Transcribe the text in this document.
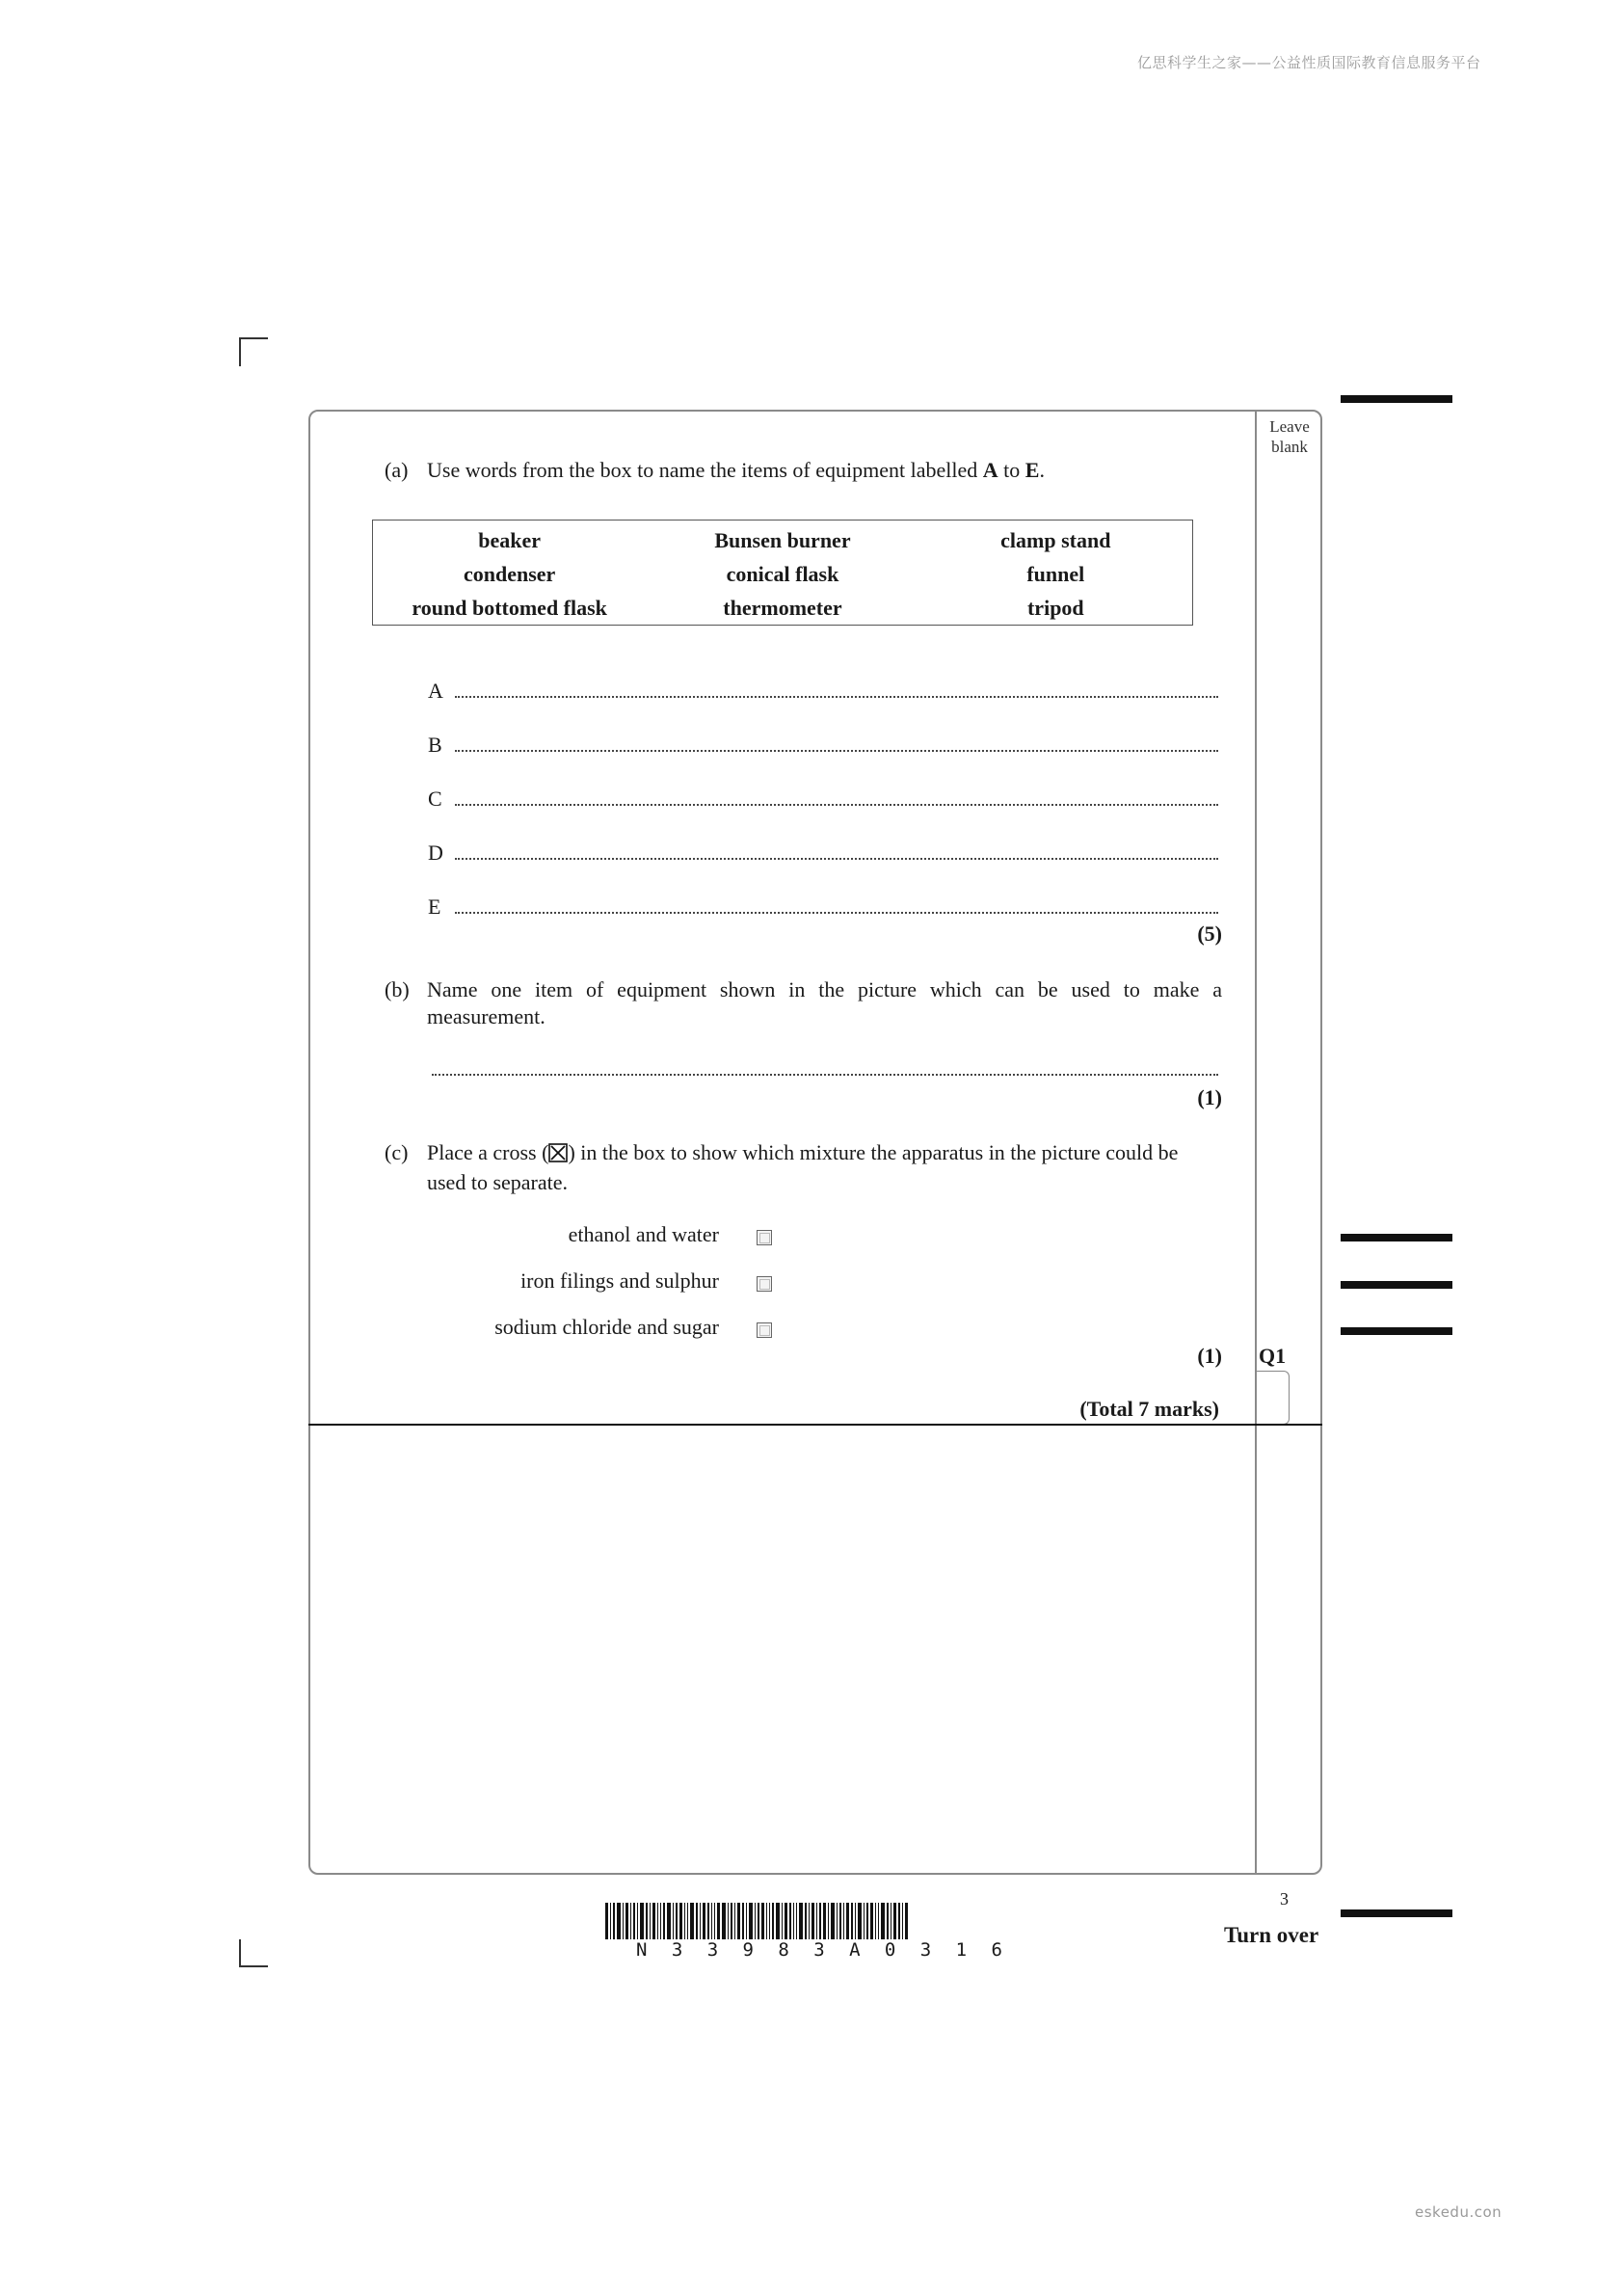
亿思科学生之家——公益性质国际教育信息服务平台
Leave
blank
(a) Use words from the box to name the items of equipment labelled A to E.
beaker	Bunsen burner	clamp stand
condenser	conical flask	funnel
round bottomed flask	thermometer	tripod
A
B
C
D
E
(5)
(b) Name one item of equipment shown in the picture which can be used to make a measurement.
(1)
(c) Place a cross (☒) in the box to show which mixture the apparatus in the picture could be used to separate.
ethanol and water
iron filings and sulphur
sodium chloride and sugar
(1) Q1
(Total 7 marks)
3
Turn over
N 3 3 9 8 3 A 0 3 1 6
eskedu.con
